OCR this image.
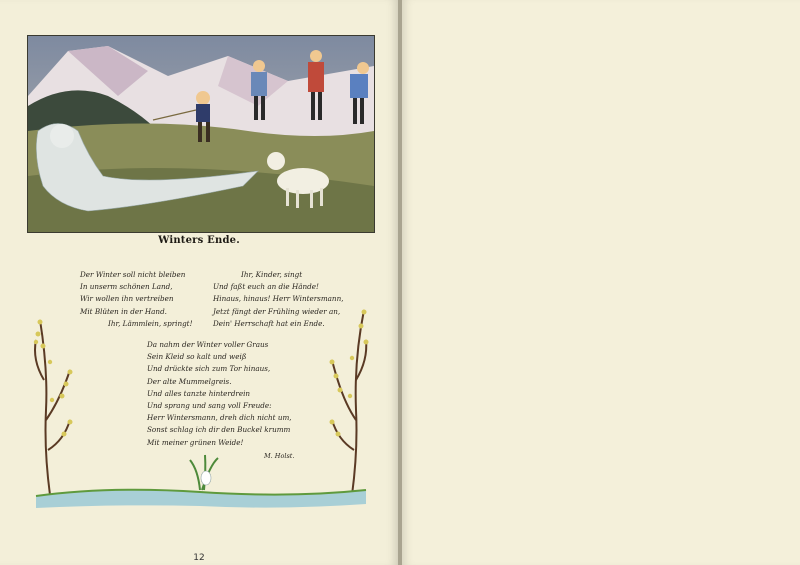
Winters Ende.
Der Winter soll nicht bleiben
In unserm schönen Land,
Wir wollen ihn vertreiben
Mit Blüten in der Hand.
Ihr, Lämmlein, springt!
Ihr, Kinder, singt
Und faßt euch an die Hände!
Hinaus, hinaus! Herr Wintersmann,
Jetzt fängt der Frühling wieder an,
Dein' Herrschaft hat ein Ende.
Da nahm der Winter voller Graus
Sein Kleid so kalt und weiß
Und drückte sich zum Tor hinaus,
Der alte Mummelgreis.
Und alles tanzte hinterdrein
Und sprang und sang voll Freude:
Herr Wintersmann, dreh dich nicht um,
Sonst schlag ich dir den Buckel krumm
Mit meiner grünen Weide!
M. Holst.
12
